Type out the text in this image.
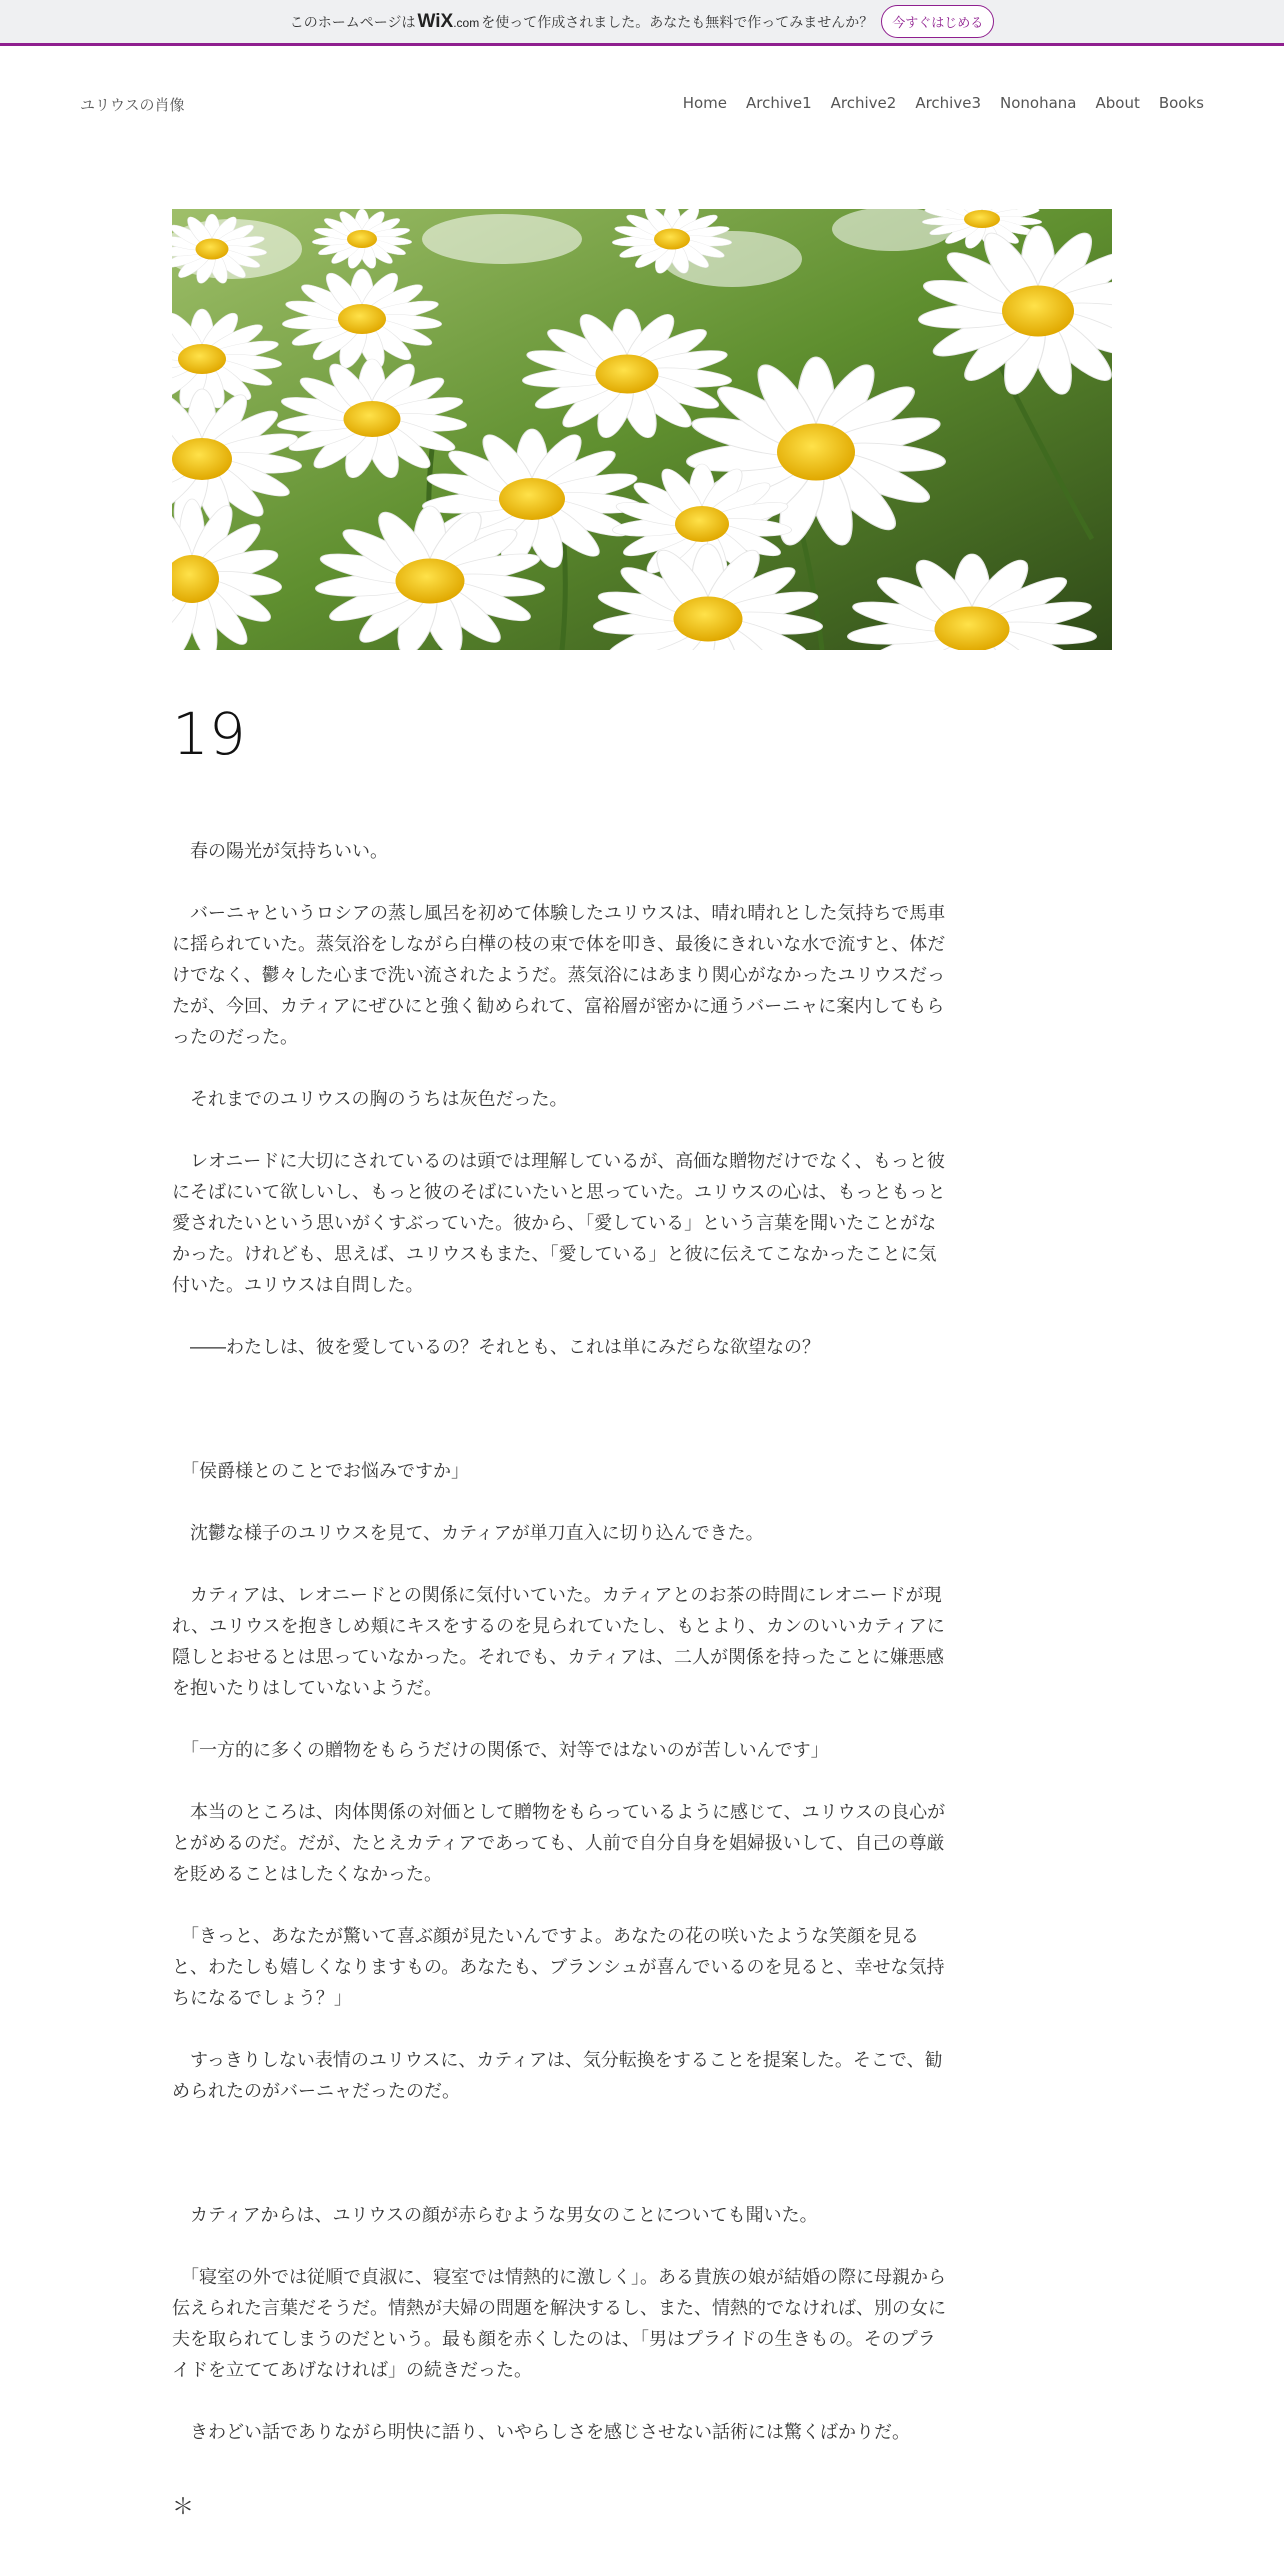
このホームページは WiX.com を使って作成されました。あなたも無料で作ってみませんか？	今すぐはじめる
ユリウスの肖像	Home Archive1 Archive2 Archive3 Nonohana About Books
19

　春の陽光が気持ちいい。

　バーニャというロシアの蒸し風呂を初めて体験したユリウスは、晴れ晴れとした気持ちで馬車に揺られていた。蒸気浴をしながら白樺の枝の束で体を叩き、最後にきれいな水で流すと、体だけでなく、鬱々した心まで洗い流されたようだ。蒸気浴にはあまり関心がなかったユリウスだったが、今回、カティアにぜひにと強く勧められて、富裕層が密かに通うバーニャに案内してもらったのだった。

　それまでのユリウスの胸のうちは灰色だった。

　レオニードに大切にされているのは頭では理解しているが、高価な贈物だけでなく、もっと彼にそばにいて欲しいし、もっと彼のそばにいたいと思っていた。ユリウスの心は、もっともっと愛されたいという思いがくすぶっていた。彼から、「愛している」という言葉を聞いたことがなかった。けれども、思えば、ユリウスもまた、「愛している」と彼に伝えてこなかったことに気付いた。ユリウスは自問した。

　――わたしは、彼を愛しているの？それとも、これは単にみだらな欲望なの？

　「侯爵様とのことでお悩みですか」

　沈鬱な様子のユリウスを見て、カティアが単刀直入に切り込んできた。

　カティアは、レオニードとの関係に気付いていた。カティアとのお茶の時間にレオニードが現れ、ユリウスを抱きしめ頬にキスをするのを見られていたし、もとより、カンのいいカティアに隠しとおせるとは思っていなかった。それでも、カティアは、二人が関係を持ったことに嫌悪感を抱いたりはしていないようだ。

　「一方的に多くの贈物をもらうだけの関係で、対等ではないのが苦しいんです」

　本当のところは、肉体関係の対価として贈物をもらっているように感じて、ユリウスの良心がとがめるのだ。だが、たとえカティアであっても、人前で自分自身を娼婦扱いして、自己の尊厳を貶めることはしたくなかった。

　「きっと、あなたが驚いて喜ぶ顔が見たいんですよ。あなたの花の咲いたような笑顔を見ると、わたしも嬉しくなりますもの。あなたも、ブランシュが喜んでいるのを見ると、幸せな気持ちになるでしょう？」

　すっきりしない表情のユリウスに、カティアは、気分転換をすることを提案した。そこで、勧められたのがバーニャだったのだ。

　カティアからは、ユリウスの顔が赤らむような男女のことについても聞いた。

　「寝室の外では従順で貞淑に、寝室では情熱的に激しく」。ある貴族の娘が結婚の際に母親から伝えられた言葉だそうだ。情熱が夫婦の問題を解決するし、また、情熱的でなければ、別の女に夫を取られてしまうのだという。最も顔を赤くしたのは、「男はプライドの生きもの。そのプライドを立ててあげなければ」の続きだった。

　きわどい話でありながら明快に語り、いやらしさを感じさせない話術には驚くばかりだ。

＊
